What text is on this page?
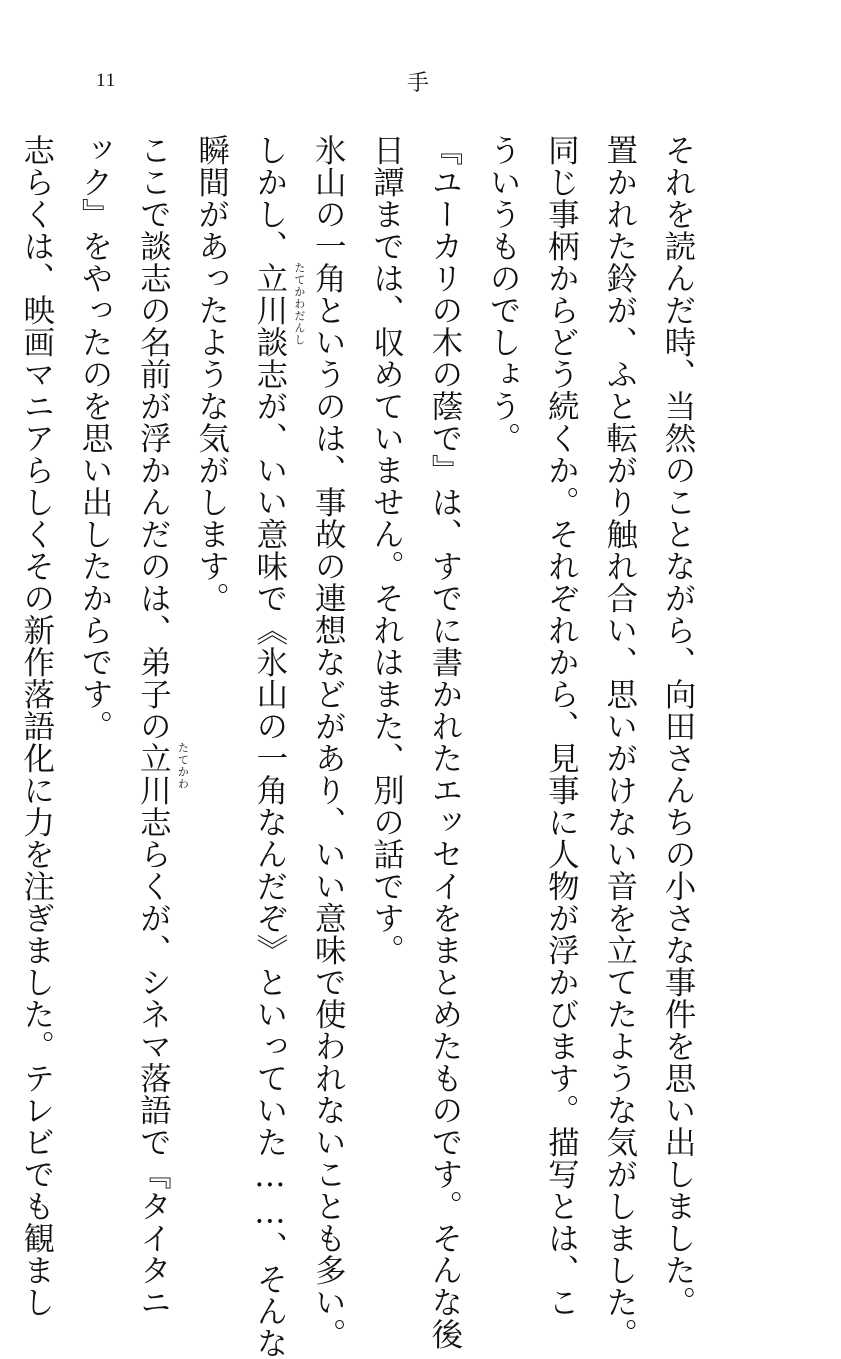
11	手

それを読んだ時、当然のことながら、向田さんちの小さな事件を思い出しました。

置かれた鈴が、ふと転がり触れ合い、思いがけない音を立てたような気がしました。

同じ事柄からどう続くか。それぞれから、見事に人物が浮かびます。描写とは、こ

ういうものでしょう。

『ユーカリの木の蔭で』は、すでに書かれたエッセイをまとめたものです。そんな後

日譚までは、収めていません。それはまた、別の話です。

氷山の一角というのは、事故の連想などがあり、いい意味で使われないことも多い。

しかし、立川談志 たてかわだんし
が、いい意味で《氷山の一角なんだぞ》といっていた……、そんな

瞬間があったような気がします。

ここで談志の名前が浮かんだのは、弟子の立川 たてかわ
志らくが、シネマ落語で『タイタニ

ック』をやったのを思い出したからです。

志らくは、映画マニアらしくその新作落語化に力を注ぎました。テレビでも観まし
